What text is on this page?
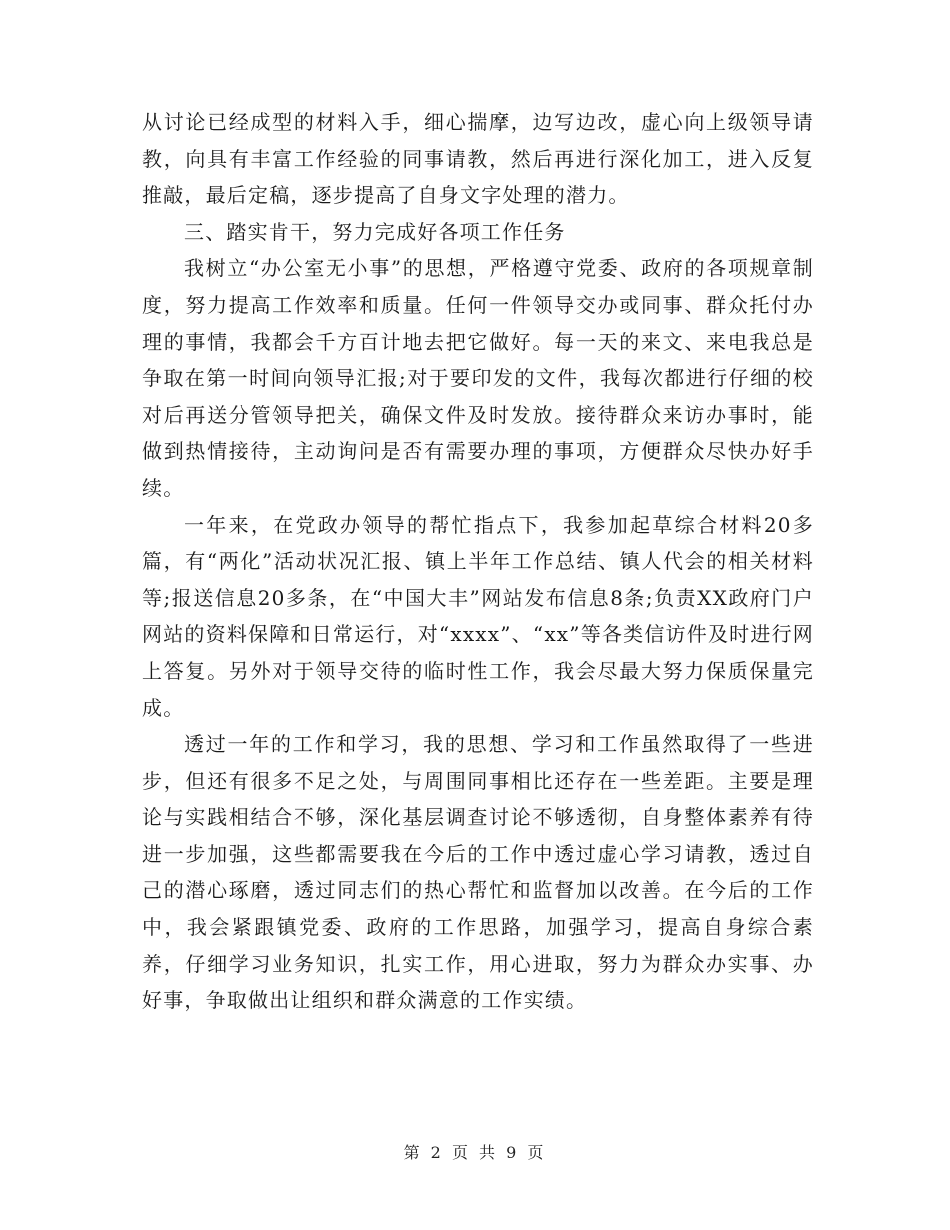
从讨论已经成型的材料入手，细心揣摩，边写边改，虚心向上级领导请教，向具有丰富工作经验的同事请教，然后再进行深化加工，进入反复推敲，最后定稿，逐步提高了自身文字处理的潜力。

三、踏实肯干，努力完成好各项工作任务

我树立“办公室无小事”的思想，严格遵守党委、政府的各项规章制度，努力提高工作效率和质量。任何一件领导交办或同事、群众托付办理的事情，我都会千方百计地去把它做好。每一天的来文、来电我总是争取在第一时间向领导汇报;对于要印发的文件，我每次都进行仔细的校对后再送分管领导把关，确保文件及时发放。接待群众来访办事时，能做到热情接待，主动询问是否有需要办理的事项，方便群众尽快办好手续。

一年来，在党政办领导的帮忙指点下，我参加起草综合材料20多篇，有“两化”活动状况汇报、镇上半年工作总结、镇人代会的相关材料等;报送信息20多条，在“中国大丰”网站发布信息8条;负责XX政府门户网站的资料保障和日常运行，对“xxxx”、“xx”等各类信访件及时进行网上答复。另外对于领导交待的临时性工作，我会尽最大努力保质保量完成。

透过一年的工作和学习，我的思想、学习和工作虽然取得了一些进步，但还有很多不足之处，与周围同事相比还存在一些差距。主要是理论与实践相结合不够，深化基层调查讨论不够透彻，自身整体素养有待进一步加强，这些都需要我在今后的工作中透过虚心学习请教，透过自己的潜心琢磨，透过同志们的热心帮忙和监督加以改善。在今后的工作中，我会紧跟镇党委、政府的工作思路，加强学习，提高自身综合素养，仔细学习业务知识，扎实工作，用心进取，努力为群众办实事、办好事，争取做出让组织和群众满意的工作实绩。

第 2 页 共 9 页
